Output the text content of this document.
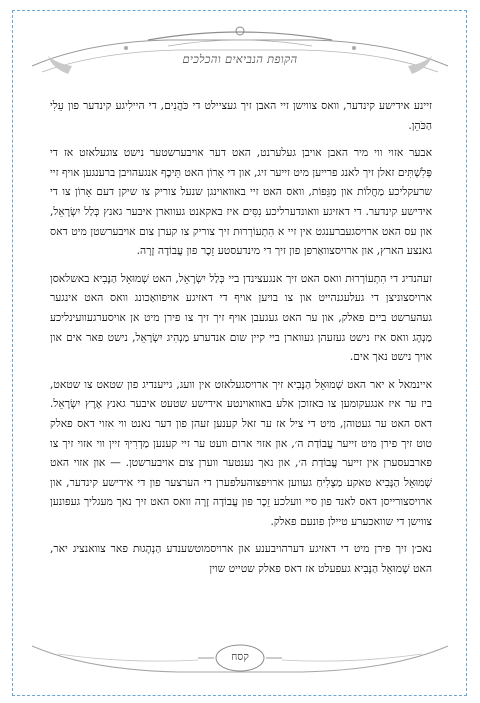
הקופת הנביאים והכלכים

זיינע אידישע קינדער, וואס צווישן זיי האבן זיך געציילט די כֹּהֲנִים, די היילִיגע קינדער פון עֵלִי הַכֹּהֵן.

אבער אזוי ווי מיר האבן אויבן געלערנט, האט דער אויבערשטער נישט צוגעלאזט אז די פְּלִשְׁתִּים זאלן זיך לאנג פרייען מיט זייער זיג, און די אָרוֹן האט תֵּיכֶף אנגעהויבן ברענגען אויף זיי שרעקליכע מַחֲלוֹת און מַגֵּפוֹת, וואס האט זיי באוואוינגן שנעל צוריק צו שיקן דעם אָרוֹן צו די אידישע קינדער. די דאזיגע וואונדערליכע נִסִּים איז באקאנט געווארן איבער גאנץ כְּלַל יִשְׂרָאֵל, און עס האט ארויסגעברענגט אין זיי א הִתְעוֹרְרוּת זיך צוריק צו קערן צום אויבערשטן מיט דאס גאנצע הארץ, און ארויסצוואַרפן פון זיך די מינדעסטע זֵכֶר פון עֲבוֹדָה זָרָה.

זעהנדיג די הִתְעוֹרְרוּת וואס האט זיך אנגעצינדן ביי כְּלַל יִשְׂרָאֵל, האט שְׁמוּאֵל הַנָּבִיא באשלאסן ארויסצוניצן די געלעגנהייט און צו בויען אויף די דאזיגע אויפוואַכונג וואס האט אינגער געהערשט ביים פאלק, און ער האט געגעבן אויף זיך זיך צו פירן מיט אן אויסערגעוועינליכע מַנְהָג וואס איז נישט געזעהן געווארן ביי קיין שום אנדערע מַנְהִיג יִשְׂרָאֵל, נישט פאר אים און אויך נישט נאך אים.

איינמאל א יאר האט שְׁמוּאֵל הַנָּבִיא זיך ארויסגעלאזט אין וועג, גייענדיג פון שטאט צו שטאט, ביז ער איז אנגעקומען צו באזוכן אלע באוואוינטע אידישע שטעט איבער גאנץ אֶרֶץ יִשְׂרָאֵל. דאס האט ער געטוהן, מיט די ציל אז ער זאל קענען זעהן פון דער נאנט ווי אזוי דאס פאלק טוט זיך פירן מיט זייער עֲבוֹדַת ה׳, און אזוי ארום וועט ער זיי קענען מַדְרִיךְ זיין ווי אזוי זיך צו פארבעסערן אין זייער עֲבוֹדַת ה׳, און נאך נענטער ווערן צום אויבערשטן. — און אזוי האט שְׁמוּאֵל הַנָּבִיא טאקע מַצְלִיחַ געווען ארויפצוהעלפערן די הערצער פון די אידישע קינדער, און ארויסצורייסן דאס לאנד פון סיי וועלכע זֵכֶר פון עֲבוֹדָה זָרָה וואס האט זיך נאך מעגליך געפונען צווישן די שוואכערע טיילן פונעם פאלק.

נאכ׳ן זיך פירן מיט די דאזיגע דערהויבענע און ארויסמוטשענדע הַנְהָגוּת פאר צוואנציג יאר, האט שְׁמוּאֵל הַנָּבִיא געפעלט אז דאס פאלק שטייט שוין

קסח
